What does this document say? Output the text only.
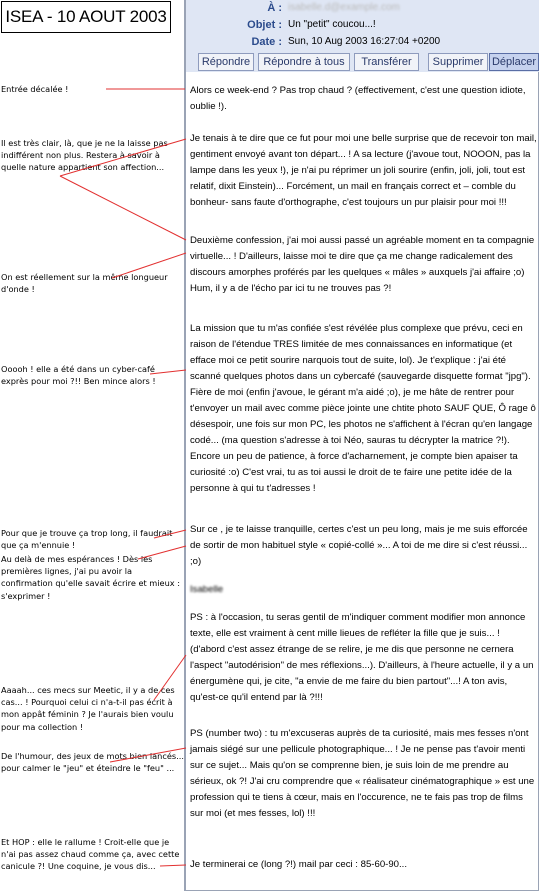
ISEA - 10 AOUT 2003	À : isabelle.d@example.com
Objet : Un "petit" coucou...!
Date : Sun, 10 Aug 2003 16:27:04 +0200
Répondre	Répondre à tous	Transférer	Supprimer Déplacer
Alors ce week-end ? Pas trop chaud ? (effectivement, c'est une question idiote, oublie !).
Je tenais à te dire que ce fut pour moi une belle surprise que de recevoir ton mail, gentiment envoyé avant ton départ... ! A sa lecture (j'avoue tout, NOOON, pas la lampe dans les yeux !), je n'ai pu réprimer un joli sourire (enfin, joli, joli, tout est relatif, dixit Einstein)... Forcément, un mail en français correct et – comble du bonheur- sans faute d'orthographe, c'est toujours un pur plaisir pour moi !!!
Deuxième confession, j'ai moi aussi passé un agréable moment en ta compagnie virtuelle... ! D'ailleurs, laisse moi te dire que ça me change radicalement des discours amorphes proférés par les quelques « mâles » auxquels j'ai affaire ;o) Hum, il y a de l'écho par ici tu ne trouves pas ?!
La mission que tu m'as confiée s'est révélée plus complexe que prévu, ceci en raison de l'étendue TRES limitée de mes connaissances en informatique (et efface moi ce petit sourire narquois tout de suite, lol). Je t'explique : j'ai été scanné quelques photos dans un cybercafé (sauvegarde disquette format "jpg"). Fière de moi (enfin j'avoue, le gérant m'a aidé ;o), je me hâte de rentrer pour t'envoyer un mail avec comme pièce jointe une chtite photo SAUF QUE, Ô rage ô désespoir, une fois sur mon PC, les photos ne s'affichent à l'écran qu'en langage codé... (ma question s'adresse à toi Néo, sauras tu décrypter la matrice ?!). Encore un peu de patience, à force d'acharnement, je compte bien apaiser ta curiosité :o) C'est vrai, tu as toi aussi le droit de te faire une petite idée de la personne à qui tu t'adresses !
Sur ce , je te laisse tranquille, certes c'est un peu long, mais je me suis efforcée de sortir de mon habituel style « copié-collé »... A toi de me dire si c'est réussi... ;o)
Isabelle
PS : à l'occasion, tu seras gentil de m'indiquer comment modifier mon annonce texte, elle est vraiment à cent mille lieues de refléter la fille que je suis... ! (d'abord c'est assez étrange de se relire, je me dis que personne ne cernera l'aspect "autodérision" de mes réflexions...). D'ailleurs, à l'heure actuelle, il y a un énergumène qui, je cite, "a envie de me faire du bien partout"...! A ton avis, qu'est-ce qu'il entend par là ?!!!
PS (number two) : tu m'excuseras auprès de ta curiosité, mais mes fesses n'ont jamais siégé sur une pellicule photographique... ! Je ne pense pas t'avoir menti sur ce sujet... Mais qu'on se comprenne bien, je suis loin de me prendre au sérieux, ok ?! J'ai cru comprendre que « réalisateur cinématographique » est une profession qui te tiens à cœur, mais en l'occurence, ne te fais pas trop de films sur moi (et mes fesses, lol) !!!
Je terminerai ce (long ?!) mail par ceci : 85-60-90...
Entrée décalée !
Il est très clair, là, que je ne la laisse pas indifférent non plus. Restera à savoir à quelle nature appartient son affection...
On est réellement sur la même longueur d'onde !
Ooooh ! elle a été dans un cyber-café exprès pour moi ?!! Ben mince alors !
Pour que je trouve ça trop long, il faudrait que ça m'ennuie !
Au delà de mes espérances ! Dès les premières lignes, j'ai pu avoir la confirmation qu'elle savait écrire et mieux : s'exprimer !
Aaaah... ces mecs sur Meetic, il y a de ces cas... ! Pourquoi celui ci n'a-t-il pas écrit à mon appât féminin ? Je l'aurais bien voulu pour ma collection !
De l'humour, des jeux de mots bien lancés... pour calmer le "jeu" et éteindre le "feu" ...
Et HOP : elle le rallume ! Croit-elle que je n'ai pas assez chaud comme ça, avec cette canicule ?! Une coquine, je vous dis...
